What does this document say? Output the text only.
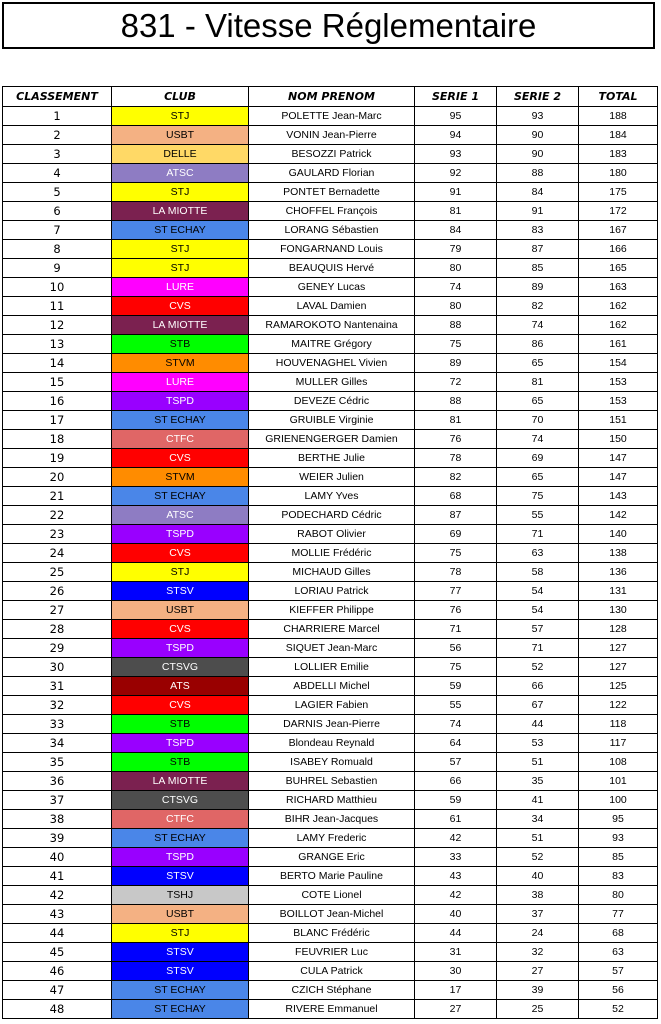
831 - Vitesse Réglementaire
CLASSEMENT	CLUB	NOM PRENOM	SERIE 1	SERIE 2	TOTAL
1	STJ	POLETTE Jean-Marc	95	93	188
2	USBT	VONIN Jean-Pierre	94	90	184
3	DELLE	BESOZZI Patrick	93	90	183
4	ATSC	GAULARD Florian	92	88	180
5	STJ	PONTET Bernadette	91	84	175
6	LA MIOTTE	CHOFFEL François	81	91	172
7	ST ECHAY	LORANG Sébastien	84	83	167
8	STJ	FONGARNAND Louis	79	87	166
9	STJ	BEAUQUIS Hervé	80	85	165
10	LURE	GENEY Lucas	74	89	163
11	CVS	LAVAL Damien	80	82	162
12	LA MIOTTE	RAMAROKOTO Nantenaina	88	74	162
13	STB	MAITRE Grégory	75	86	161
14	STVM	HOUVENAGHEL Vivien	89	65	154
15	LURE	MULLER Gilles	72	81	153
16	TSPD	DEVEZE Cédric	88	65	153
17	ST ECHAY	GRUIBLE Virginie	81	70	151
18	CTFC	GRIENENGERGER Damien	76	74	150
19	CVS	BERTHE Julie	78	69	147
20	STVM	WEIER Julien	82	65	147
21	ST ECHAY	LAMY Yves	68	75	143
22	ATSC	PODECHARD Cédric	87	55	142
23	TSPD	RABOT Olivier	69	71	140
24	CVS	MOLLIE Frédéric	75	63	138
25	STJ	MICHAUD Gilles	78	58	136
26	STSV	LORIAU Patrick	77	54	131
27	USBT	KIEFFER Philippe	76	54	130
28	CVS	CHARRIERE Marcel	71	57	128
29	TSPD	SIQUET Jean-Marc	56	71	127
30	CTSVG	LOLLIER Emilie	75	52	127
31	ATS	ABDELLI Michel	59	66	125
32	CVS	LAGIER Fabien	55	67	122
33	STB	DARNIS Jean-Pierre	74	44	118
34	TSPD	Blondeau Reynald	64	53	117
35	STB	ISABEY Romuald	57	51	108
36	LA MIOTTE	BUHREL Sebastien	66	35	101
37	CTSVG	RICHARD Matthieu	59	41	100
38	CTFC	BIHR Jean-Jacques	61	34	95
39	ST ECHAY	LAMY Frederic	42	51	93
40	TSPD	GRANGE Eric	33	52	85
41	STSV	BERTO Marie Pauline	43	40	83
42	TSHJ	COTE Lionel	42	38	80
43	USBT	BOILLOT Jean-Michel	40	37	77
44	STJ	BLANC Frédéric	44	24	68
45	STSV	FEUVRIER Luc	31	32	63
46	STSV	CULA Patrick	30	27	57
47	ST ECHAY	CZICH Stéphane	17	39	56
48	ST ECHAY	RIVERE Emmanuel	27	25	52
